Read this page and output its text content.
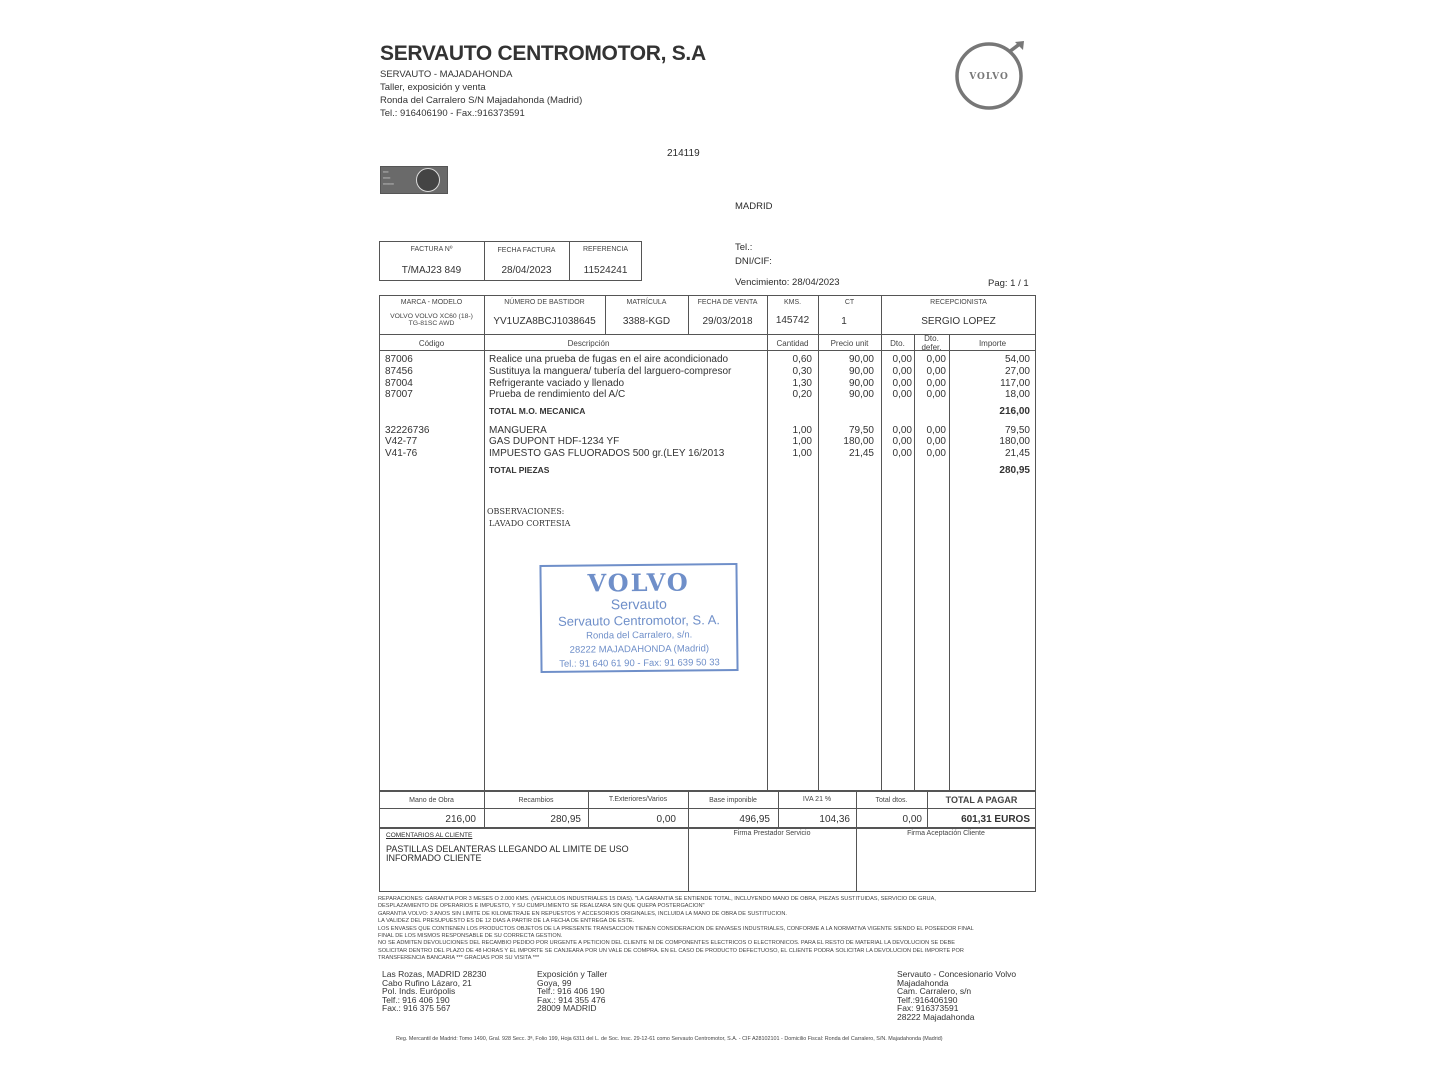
SERVAUTO CENTROMOTOR, S.A
SERVAUTO - MAJADAHONDA
Taller, exposición y venta
Ronda del Carralero S/N Majadahonda (Madrid)
Tel.: 916406190 - Fax.:916373591
VOLVO
214119
━━━
━━━━
━━━━━━
MADRID
Tel.:
DNI/CIF:
Vencimiento: 28/04/2023	Pag: 1 / 1
FACTURA Nº	FECHA FACTURA	REFERENCIA
T/MAJ23 849	28/04/2023	11524241
MARCA - MODELO	NÚMERO DE BASTIDOR	MATRÍCULA	FECHA DE VENTA	KMS.	CT	RECEPCIONISTA
VOLVO VOLVO XC60 (18-)
TG-81SC AWD	YV1UZA8BCJ1038645	3388-KGD	29/03/2018	145742	1	SERGIO LOPEZ
Código	Descripción	Cantidad	Precio unit	Dto.
Dto.
defer.	Importe
87006	Realice una prueba de fugas en el aire acondicionado	0,60	90,00 0,00 0,00	54,00
87456	Sustituya la manguera/ tubería del larguero-compresor	0,30	90,00 0,00 0,00	27,00
87004	Refrigerante vaciado y llenado	1,30	90,00 0,00 0,00	117,00
87007	Prueba de rendimiento del A/C	0,20	90,00 0,00 0,00	18,00
TOTAL M.O. MECANICA	216,00
32226736	MANGUERA	1,00	79,50 0,00 0,00	79,50
V42-77	GAS DUPONT HDF-1234 YF	1,00	180,00 0,00 0,00	180,00
V41-76	IMPUESTO GAS FLUORADOS 500 gr.(LEY 16/2013	1,00	21,45 0,00 0,00	21,45
TOTAL PIEZAS	280,95
OBSERVACIONES:
LAVADO CORTESIA
VOLVO
Servauto
Servauto Centromotor, S. A.
Ronda del Carralero, s/n.
28222 MAJADAHONDA (Madrid)
Tel.: 91 640 61 90 - Fax: 91 639 50 33
Mano de Obra	Recambios	T.Exteriores/Varios	Base imponible	IVA 21 %	Total dtos.	TOTAL A PAGAR
216,00	280,95	0,00	496,95	104,36	0,00	601,31 EUROS
COMENTARIOS AL CLIENTE
PASTILLAS DELANTERAS LLEGANDO AL LIMITE DE USO
INFORMADO CLIENTE
Firma Prestador Servicio	Firma Aceptación Cliente
REPARACIONES: GARANTÍA POR 3 MESES O 2.000 KMS. (VEHÍCULOS INDUSTRIALES 15 DÍAS). "LA GARANTÍA SE ENTIENDE TOTAL, INCLUYENDO MANO DE OBRA, PIEZAS SUSTITUIDAS, SERVICIO DE GRÚA,
DESPLAZAMIENTO DE OPERARIOS E IMPUESTO, Y SU CUMPLIMIENTO SE REALIZARÁ SIN QUE QUEPA POSTERGACIÓN"
GARANTÍA VOLVO: 3 AÑOS SIN LÍMITE DE KILOMETRAJE EN REPUESTOS Y ACCESORIOS ORIGINALES, INCLUIDA LA MANO DE OBRA DE SUSTITUCIÓN.
LA VALIDEZ DEL PRESUPUESTO ES DE 12 DÍAS A PARTIR DE LA FECHA DE ENTREGA DE ESTE.
LOS ENVASES QUE CONTIENEN LOS PRODUCTOS OBJETOS DE LA PRESENTE TRANSACCIÓN TIENEN CONSIDERACIÓN DE ENVASES INDUSTRIALES, CONFORME A LA NORMATIVA VIGENTE SIENDO EL POSEEDOR FINAL
FINAL DE LOS MISMOS RESPONSABLE DE SU CORRECTA GESTIÓN.
NO SE ADMITEN DEVOLUCIONES DEL RECAMBIO PEDIDO POR URGENTE A PETICIÓN DEL CLIENTE NI DE COMPONENTES ELÉCTRICOS O ELECTRÓNICOS. PARA EL RESTO DE MATERIAL LA DEVOLUCIÓN SE DEBE
SOLICITAR DENTRO DEL PLAZO DE 48 HORAS Y EL IMPORTE SE CANJEARÁ POR UN VALE DE COMPRA. EN EL CASO DE PRODUCTO DEFECTUOSO, EL CLIENTE PODRÁ SOLICITAR LA DEVOLUCIÓN DEL IMPORTE POR
TRANSFERENCIA BANCARIA *** GRACIAS POR SU VISITA ***
Las Rozas, MADRID 28230
Cabo Rufino Lázaro, 21
Pol. Inds. Európolis
Telf.: 916 406 190
Fax.: 916 375 567
Exposición y Taller
Goya, 99
Telf.: 916 406 190
Fax.: 914 355 476
28009 MADRID
Servauto - Concesionario Volvo
Majadahonda
Cam. Carralero, s/n
Telf.:916406190
Fax: 916373591
28222 Majadahonda
Reg. Mercantil de Madrid: Tomo 1490, Gral. 928 Secc. 3ª, Folio 199, Hoja 6311 del L. de Soc. Insc. 29-12-61 como Servauto Centromotor, S.A. - CIF A28102101 - Domicilio Fiscal: Ronda del Carralero, S/N. Majadahonda (Madrid)
